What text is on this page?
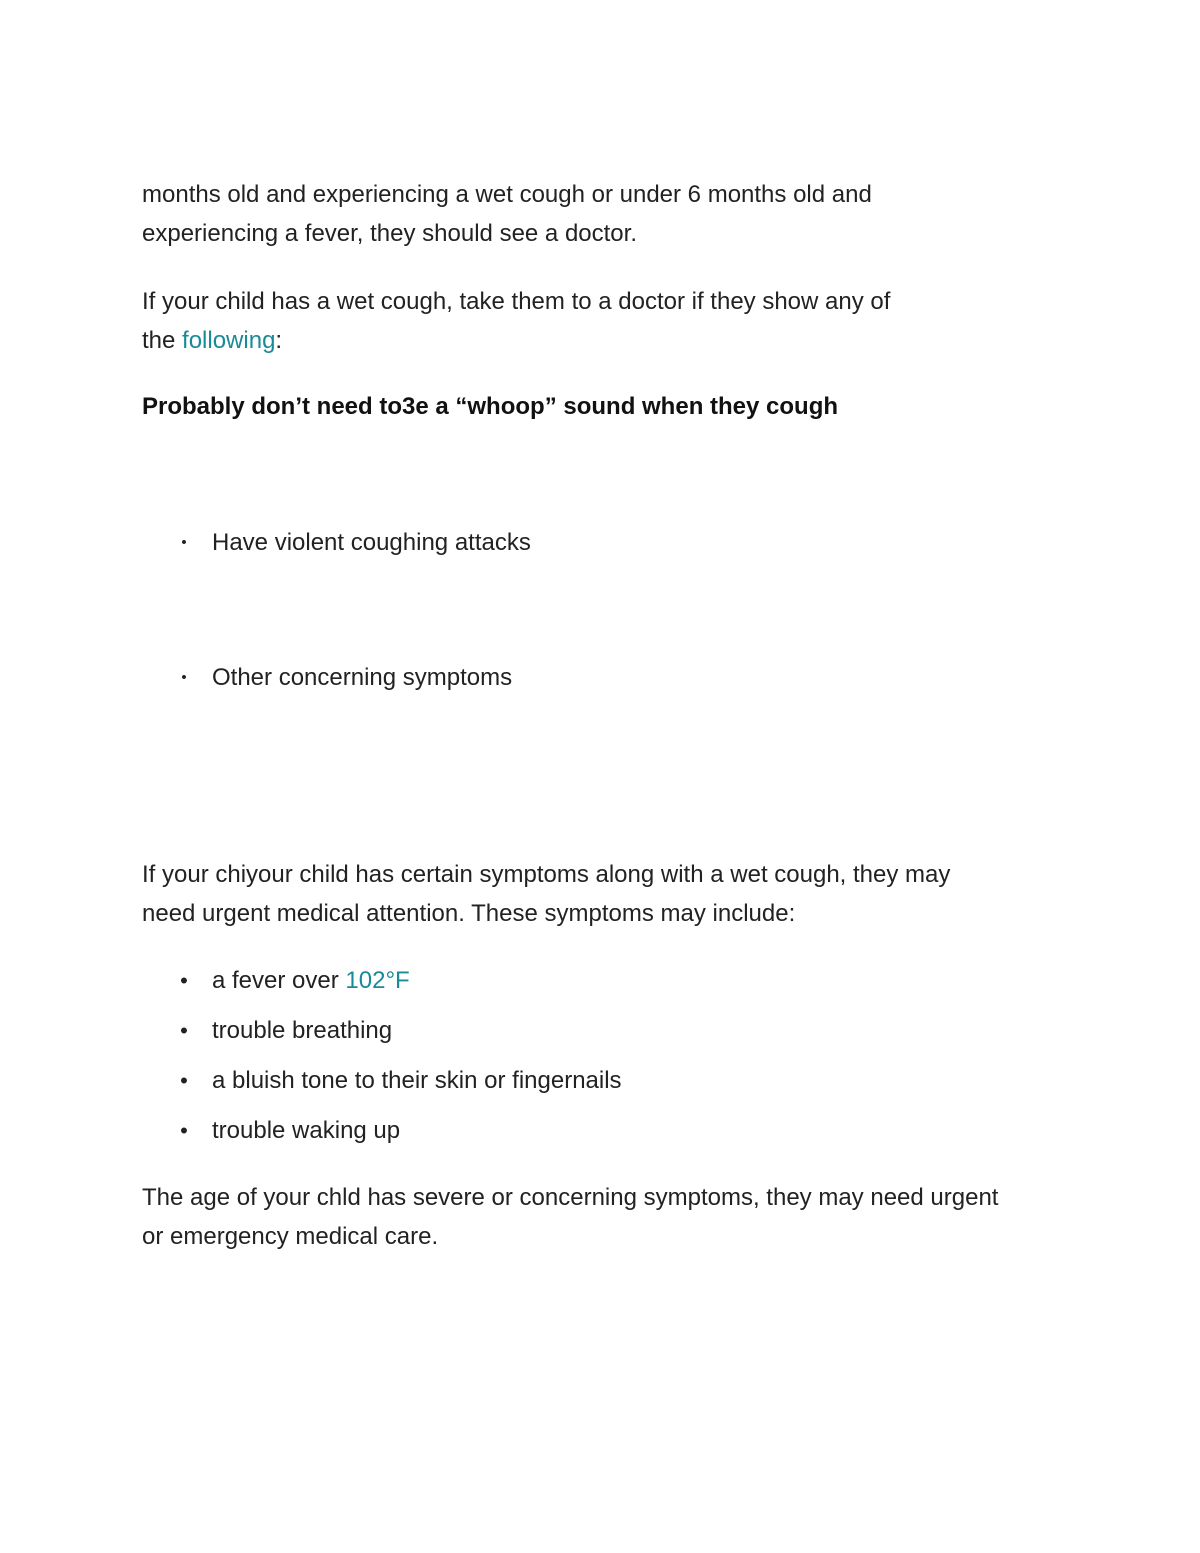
months old and experiencing a wet cough or under 6 months old and
experiencing a fever, they should see a doctor.

If your child has a wet cough, take them to a doctor if they show any of
the following:

Probably don’t need to3e a “whoop” sound when they cough

•	Have violent coughing attacks
•	Other concerning symptoms

If your chiyour child has certain symptoms along with a wet cough, they may
need urgent medical attention. These symptoms may include:

• a fever over 102°F
• trouble breathing
• a bluish tone to their skin or fingernails
• trouble waking up

The age of your chld has severe or concerning symptoms, they may need urgent
or emergency medical care.
